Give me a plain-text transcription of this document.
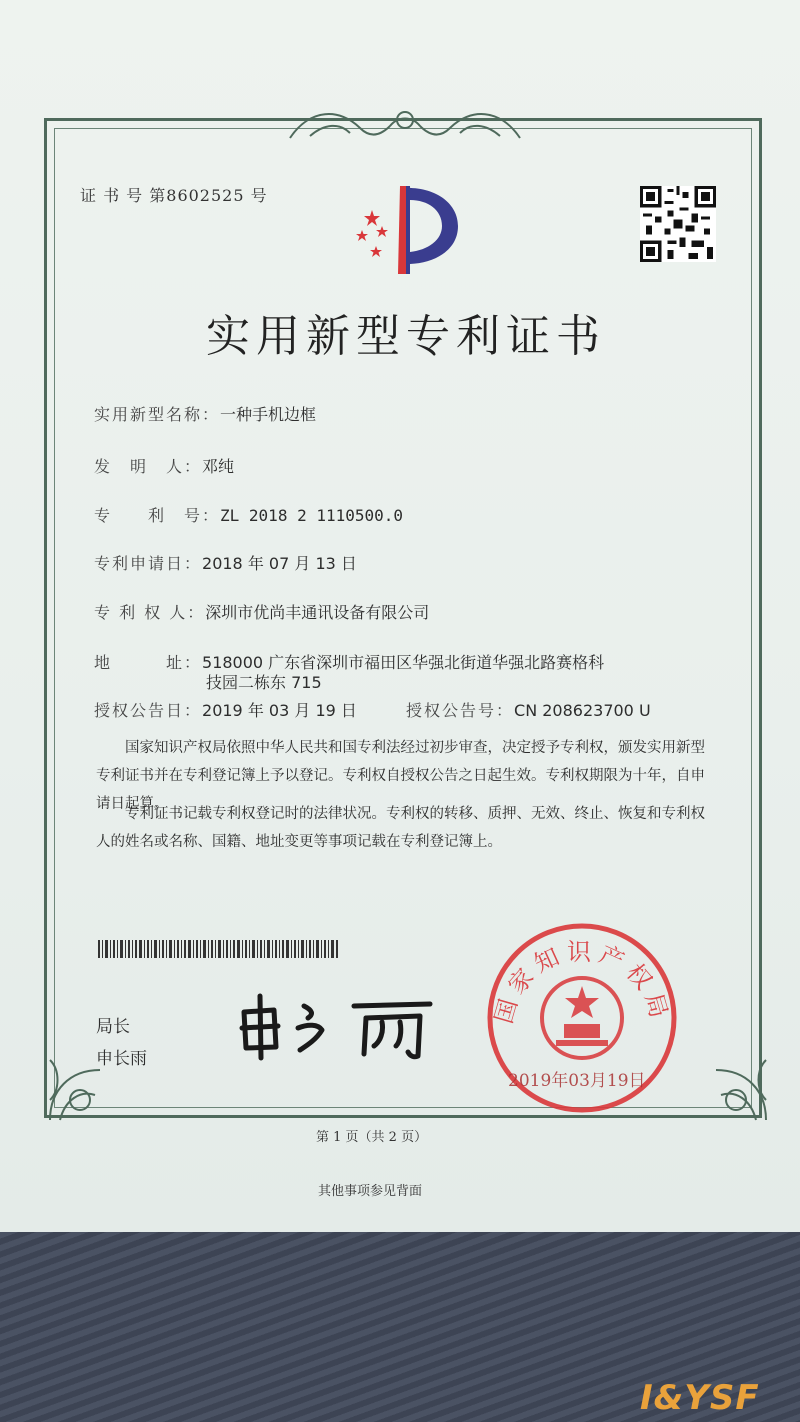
证 书 号 第8602525 号
实用新型专利证书
实用新型名称：一种手机边框
发　明　人：邓纯
专　　利　号：ZL 2018 2 1110500.0
专利申请日：2018 年 07 月 13 日
专 利 权 人：深圳市优尚丰通讯设备有限公司
地　　　址：518000 广东省深圳市福田区华强北街道华强北路赛格科
技园二栋东 715
授权公告日：2019 年 03 月 19 日	授权公告号：CN 208623700 U
国家知识产权局依照中华人民共和国专利法经过初步审查，决定授予专利权，颁发实用新型专利证书并在专利登记簿上予以登记。专利权自授权公告之日起生效。专利权期限为十年，自申请日起算。
专利证书记载专利权登记时的法律状况。专利权的转移、质押、无效、终止、恢复和专利权人的姓名或名称、国籍、地址变更等事项记载在专利登记簿上。
局长
申长雨
国家知识产权局
2019年03月19日
第 1 页（共 2 页）
其他事项参见背面
I&YSF
